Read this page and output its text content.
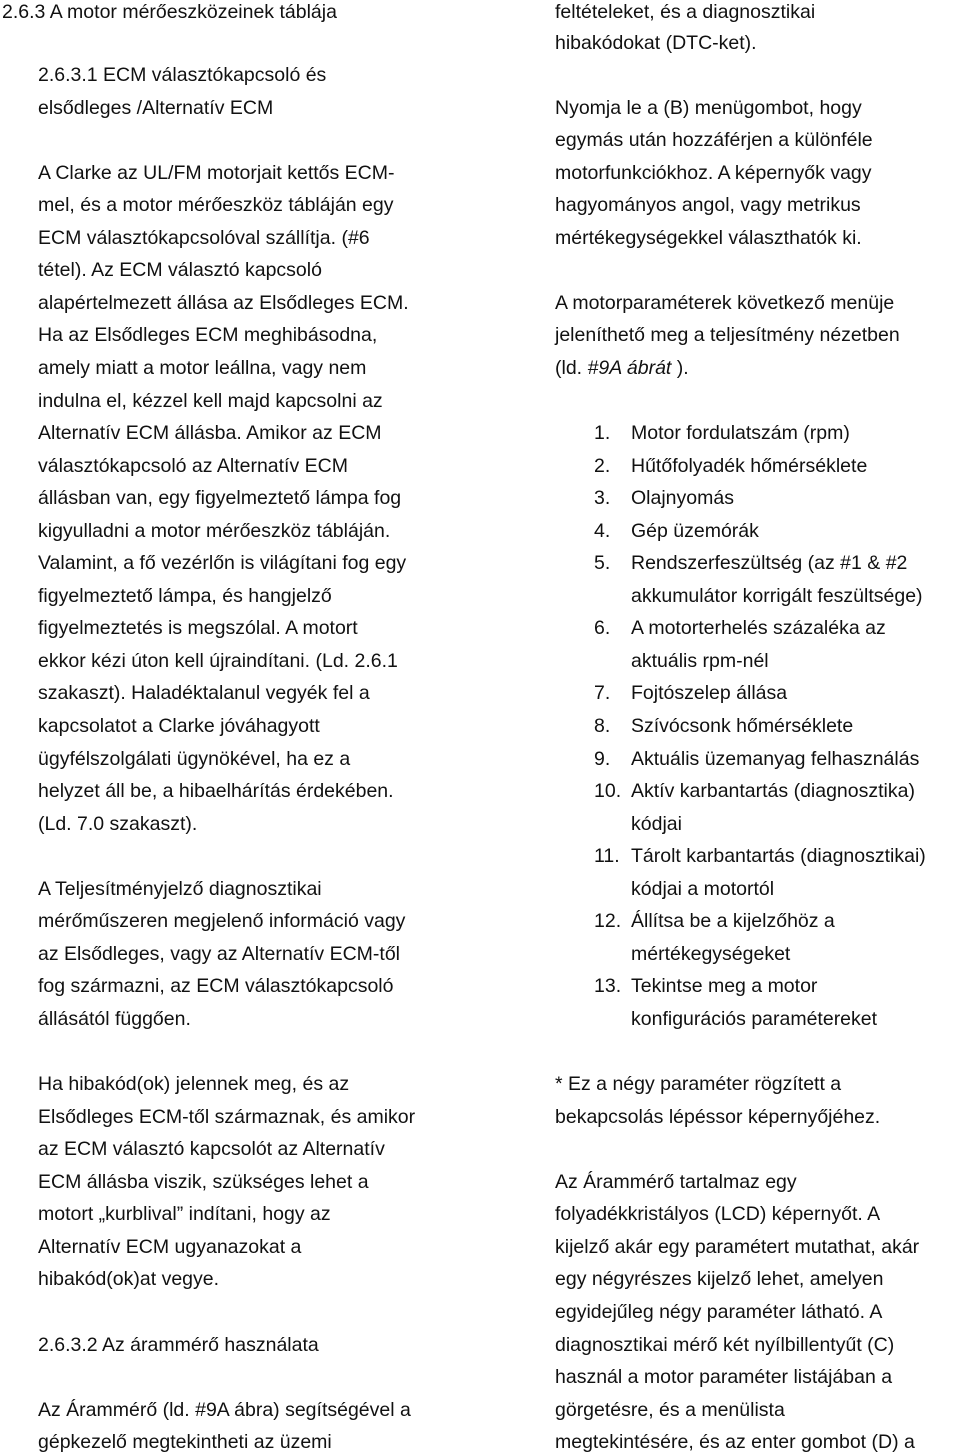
2.6.3 A motor mérőeszközeinek táblája
2.6.3.1 ECM választókapcsoló és
elsődleges /Alternatív ECM
A Clarke az UL/FM motorjait kettős ECM-
mel, és a motor mérőeszköz tábláján egy
ECM választókapcsolóval szállítja. (#6
tétel). Az ECM választó kapcsoló
alapértelmezett állása az Elsődleges ECM.
Ha az Elsődleges ECM meghibásodna,
amely miatt a motor leállna, vagy nem
indulna el, kézzel kell majd kapcsolni az
Alternatív ECM állásba. Amikor az ECM
választókapcsoló az Alternatív ECM
állásban van, egy figyelmeztető lámpa fog
kigyulladni a motor mérőeszköz tábláján.
Valamint, a fő vezérlőn is világítani fog egy
figyelmeztető lámpa, és hangjelző
figyelmeztetés is megszólal. A motort
ekkor kézi úton kell újraindítani. (Ld. 2.6.1
szakaszt). Haladéktalanul vegyék fel a
kapcsolatot a Clarke jóváhagyott
ügyfélszolgálati ügynökével, ha ez a
helyzet áll be, a hibaelhárítás érdekében.
(Ld. 7.0 szakaszt).
A Teljesítményjelző diagnosztikai
mérőműszeren megjelenő információ vagy
az Elsődleges, vagy az Alternatív ECM-től
fog származni, az ECM választókapcsoló
állásától függően.
Ha hibakód(ok) jelennek meg, és az
Elsődleges ECM-től származnak, és amikor
az ECM választó kapcsolót az Alternatív
ECM állásba viszik, szükséges lehet a
motort „kurblival” indítani, hogy az
Alternatív ECM ugyanazokat a
hibakód(ok)at vegye.
2.6.3.2 Az árammérő használata
Az Árammérő (ld. #9A ábra) segítségével a
gépkezelő megtekintheti az üzemi
feltételeket, és a diagnosztikai
hibakódokat (DTC-ket).
Nyomja le a (B) menügombot, hogy
egymás után hozzáférjen a különféle
motorfunkciókhoz. A képernyők vagy
hagyományos angol, vagy metrikus
mértékegységekkel választhatók ki.
A motorparaméterek következő menüje
jeleníthető meg a teljesítmény nézetben
(ld. #9A ábrát ).
1. Motor fordulatszám (rpm)
2. Hűtőfolyadék hőmérséklete
3. Olajnyomás
4. Gép üzemórák
5. Rendszerfeszültség (az #1 & #2
akkumulátor korrigált feszültsége)
6. A motorterhelés százaléka az
aktuális rpm-nél
7. Fojtószelep állása
8. Szívócsonk hőmérséklete
9. Aktuális üzemanyag felhasználás
10. Aktív karbantartás (diagnosztika)
kódjai
11. Tárolt karbantartás (diagnosztikai)
kódjai a motortól
12. Állítsa be a kijelzőhöz a
mértékegységeket
13. Tekintse meg a motor
konfigurációs paramétereket
* Ez a négy paraméter rögzített a
bekapcsolás lépéssor képernyőjéhez.
Az Árammérő tartalmaz egy
folyadékkristályos (LCD) képernyőt. A
kijelző akár egy paramétert mutathat, akár
egy négyrészes kijelző lehet, amelyen
egyidejűleg négy paraméter látható. A
diagnosztikai mérő két nyílbillentyűt (C)
használ a motor paraméter listájában a
görgetésre, és a menülista
megtekintésére, és az enter gombot (D) a
